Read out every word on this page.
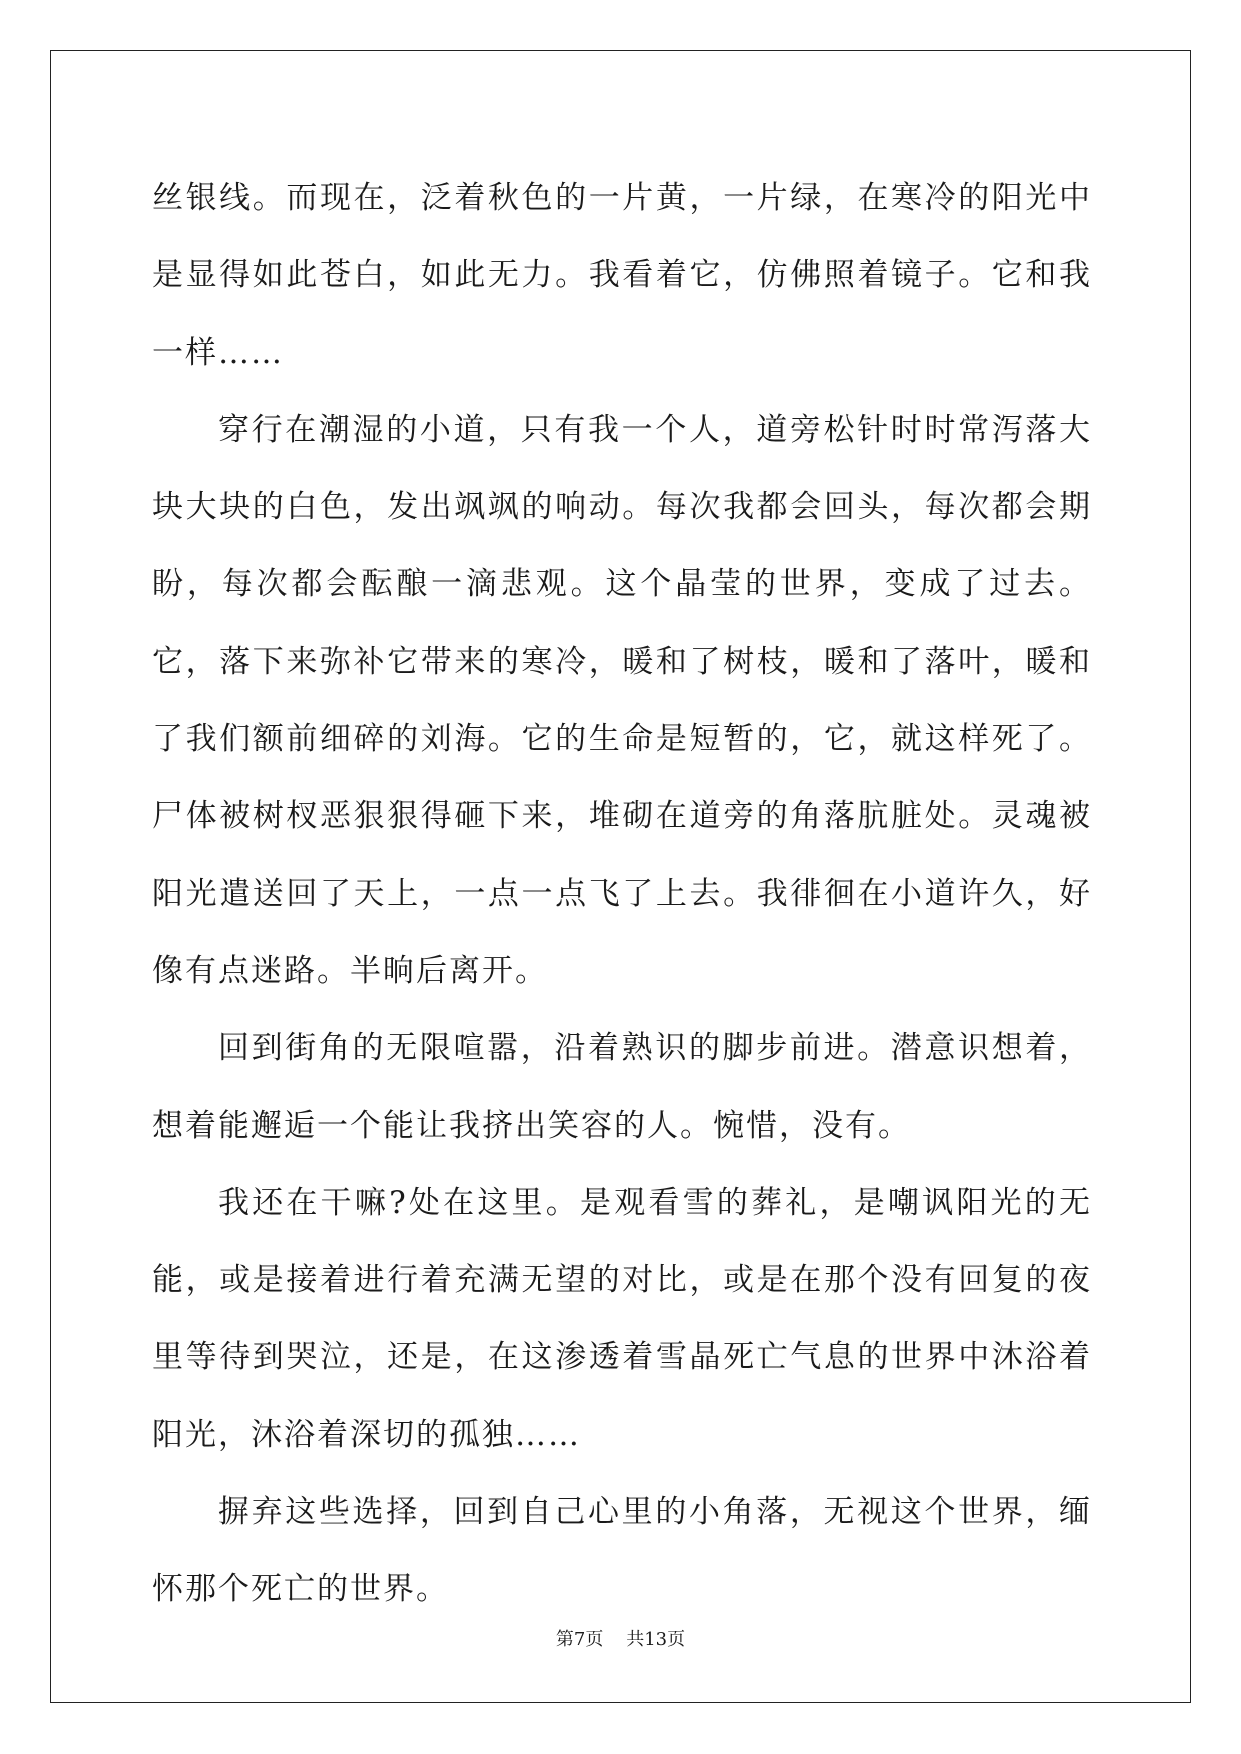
丝银线。而现在，泛着秋色的一片黄，一片绿，在寒冷的阳光中是显得如此苍白，如此无力。我看着它，仿佛照着镜子。它和我一样……

穿行在潮湿的小道，只有我一个人，道旁松针时时常泻落大块大块的白色，发出飒飒的响动。每次我都会回头，每次都会期盼，每次都会酝酿一滴悲观。这个晶莹的世界，变成了过去。它，落下来弥补它带来的寒冷，暖和了树枝，暖和了落叶，暖和了我们额前细碎的刘海。它的生命是短暂的，它，就这样死了。尸体被树杈恶狠狠得砸下来，堆砌在道旁的角落肮脏处。灵魂被阳光遣送回了天上，一点一点飞了上去。我徘徊在小道许久，好像有点迷路。半晌后离开。

回到街角的无限喧嚣，沿着熟识的脚步前进。潜意识想着，想着能邂逅一个能让我挤出笑容的人。惋惜，没有。

我还在干嘛?处在这里。是观看雪的葬礼，是嘲讽阳光的无能，或是接着进行着充满无望的对比，或是在那个没有回复的夜里等待到哭泣，还是，在这渗透着雪晶死亡气息的世界中沐浴着阳光，沐浴着深切的孤独……

摒弃这些选择，回到自己心里的小角落，无视这个世界，缅怀那个死亡的世界。

第7页    共13页
